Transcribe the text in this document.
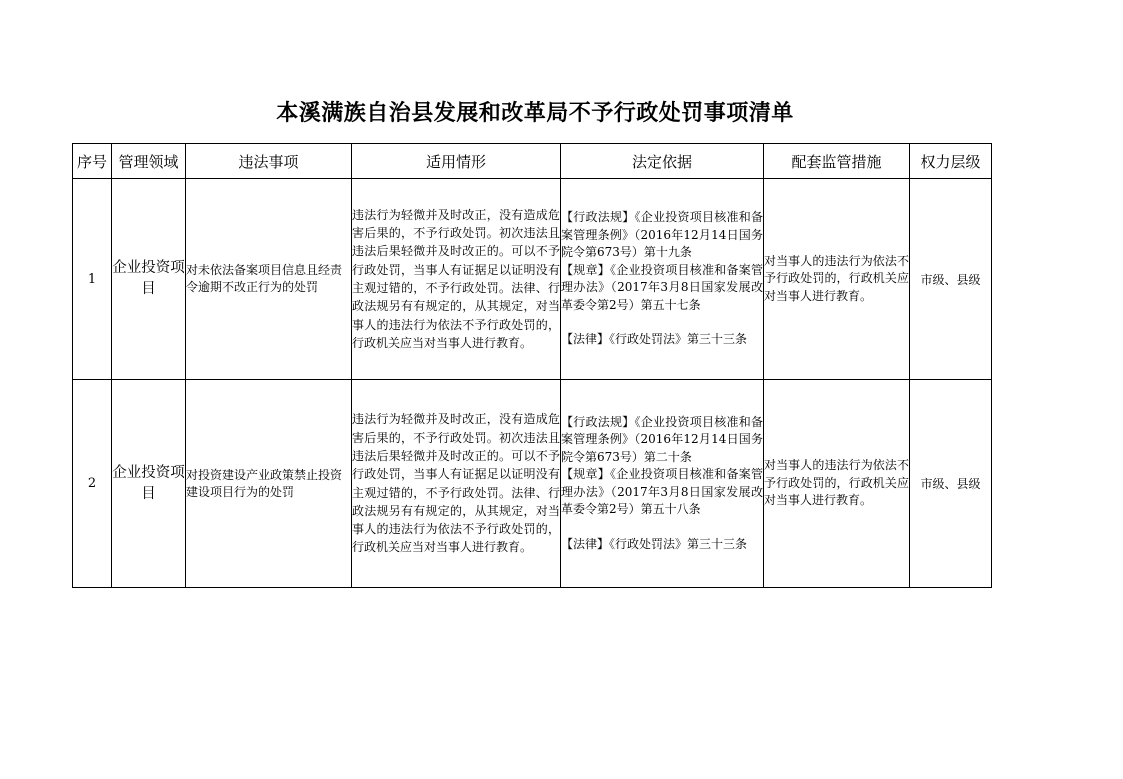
本溪满族自治县发展和改革局不予行政处罚事项清单
序号	管理领域	违法事项	适用情形	法定依据	配套监管措施	权力层级
1	企业投资项目	对未依法备案项目信息且经责令逾期不改正行为的处罚	违法行为轻微并及时改正，没有造成危害后果的，不予行政处罚。初次违法且违法后果轻微并及时改正的。可以不予行政处罚，当事人有证据足以证明没有主观过错的，不予行政处罚。法律、行政法规另有有规定的，从其规定，对当事人的违法行为依法不予行政处罚的，行政机关应当对当事人进行教育。	【行政法规】《企业投资项目核准和备案管理条例》（2016年12月14日国务院令第673号）第十九条
【规章】《企业投资项目核准和备案管理办法》（2017年3月8日国家发展改革委令第2号）第五十七条
【法律】《行政处罚法》第三十三条	对当事人的违法行为依法不予行政处罚的，行政机关应对当事人进行教育。	市级、县级
2	企业投资项目	对投资建设产业政策禁止投资建设项目行为的处罚	违法行为轻微并及时改正，没有造成危害后果的，不予行政处罚。初次违法且违法后果轻微并及时改正的。可以不予行政处罚，当事人有证据足以证明没有主观过错的，不予行政处罚。法律、行政法规另有有规定的，从其规定，对当事人的违法行为依法不予行政处罚的，行政机关应当对当事人进行教育。	【行政法规】《企业投资项目核准和备案管理条例》（2016年12月14日国务院令第673号）第二十条
【规章】《企业投资项目核准和备案管理办法》（2017年3月8日国家发展改革委令第2号）第五十八条
【法律】《行政处罚法》第三十三条	对当事人的违法行为依法不予行政处罚的，行政机关应对当事人进行教育。	市级、县级
